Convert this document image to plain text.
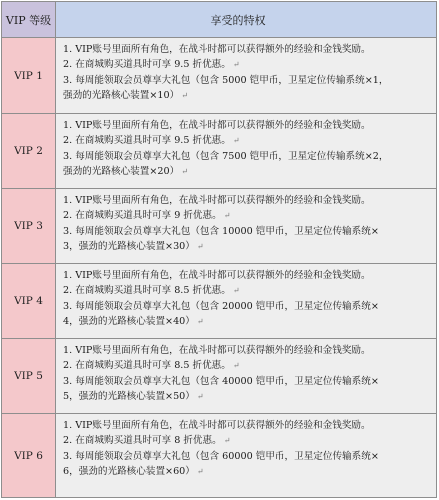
VIP 等级	享受的特权
VIP 1
1. VIP账号里面所有角色，在战斗时都可以获得额外的经验和金钱奖励。
2. 在商城购买道具时可享 9.5 折优惠。 ↵
3. 每周能领取会员尊享大礼包（包含 5000 铠甲币，卫星定位传输系统×1，
强劲的光路核心装置×10） ↵
VIP 2
1. VIP账号里面所有角色，在战斗时都可以获得额外的经验和金钱奖励。
2. 在商城购买道具时可享 9.5 折优惠。 ↵
3. 每周能领取会员尊享大礼包（包含 7500 铠甲币，卫星定位传输系统×2，
强劲的光路核心装置×20） ↵
VIP 3
1. VIP账号里面所有角色，在战斗时都可以获得额外的经验和金钱奖励。
2. 在商城购买道具时可享 9 折优惠。 ↵
3. 每周能领取会员尊享大礼包（包含 10000 铠甲币，卫星定位传输系统×
3，强劲的光路核心装置×30） ↵
VIP 4
1. VIP账号里面所有角色，在战斗时都可以获得额外的经验和金钱奖励。
2. 在商城购买道具时可享 8.5 折优惠。 ↵
3. 每周能领取会员尊享大礼包（包含 20000 铠甲币，卫星定位传输系统×
4，强劲的光路核心装置×40） ↵
VIP 5
1. VIP账号里面所有角色，在战斗时都可以获得额外的经验和金钱奖励。
2. 在商城购买道具时可享 8.5 折优惠。 ↵
3. 每周能领取会员尊享大礼包（包含 40000 铠甲币，卫星定位传输系统×
5，强劲的光路核心装置×50） ↵
VIP 6
1. VIP账号里面所有角色，在战斗时都可以获得额外的经验和金钱奖励。
2. 在商城购买道具时可享 8 折优惠。 ↵
3. 每周能领取会员尊享大礼包（包含 60000 铠甲币，卫星定位传输系统×
6，强劲的光路核心装置×60） ↵
